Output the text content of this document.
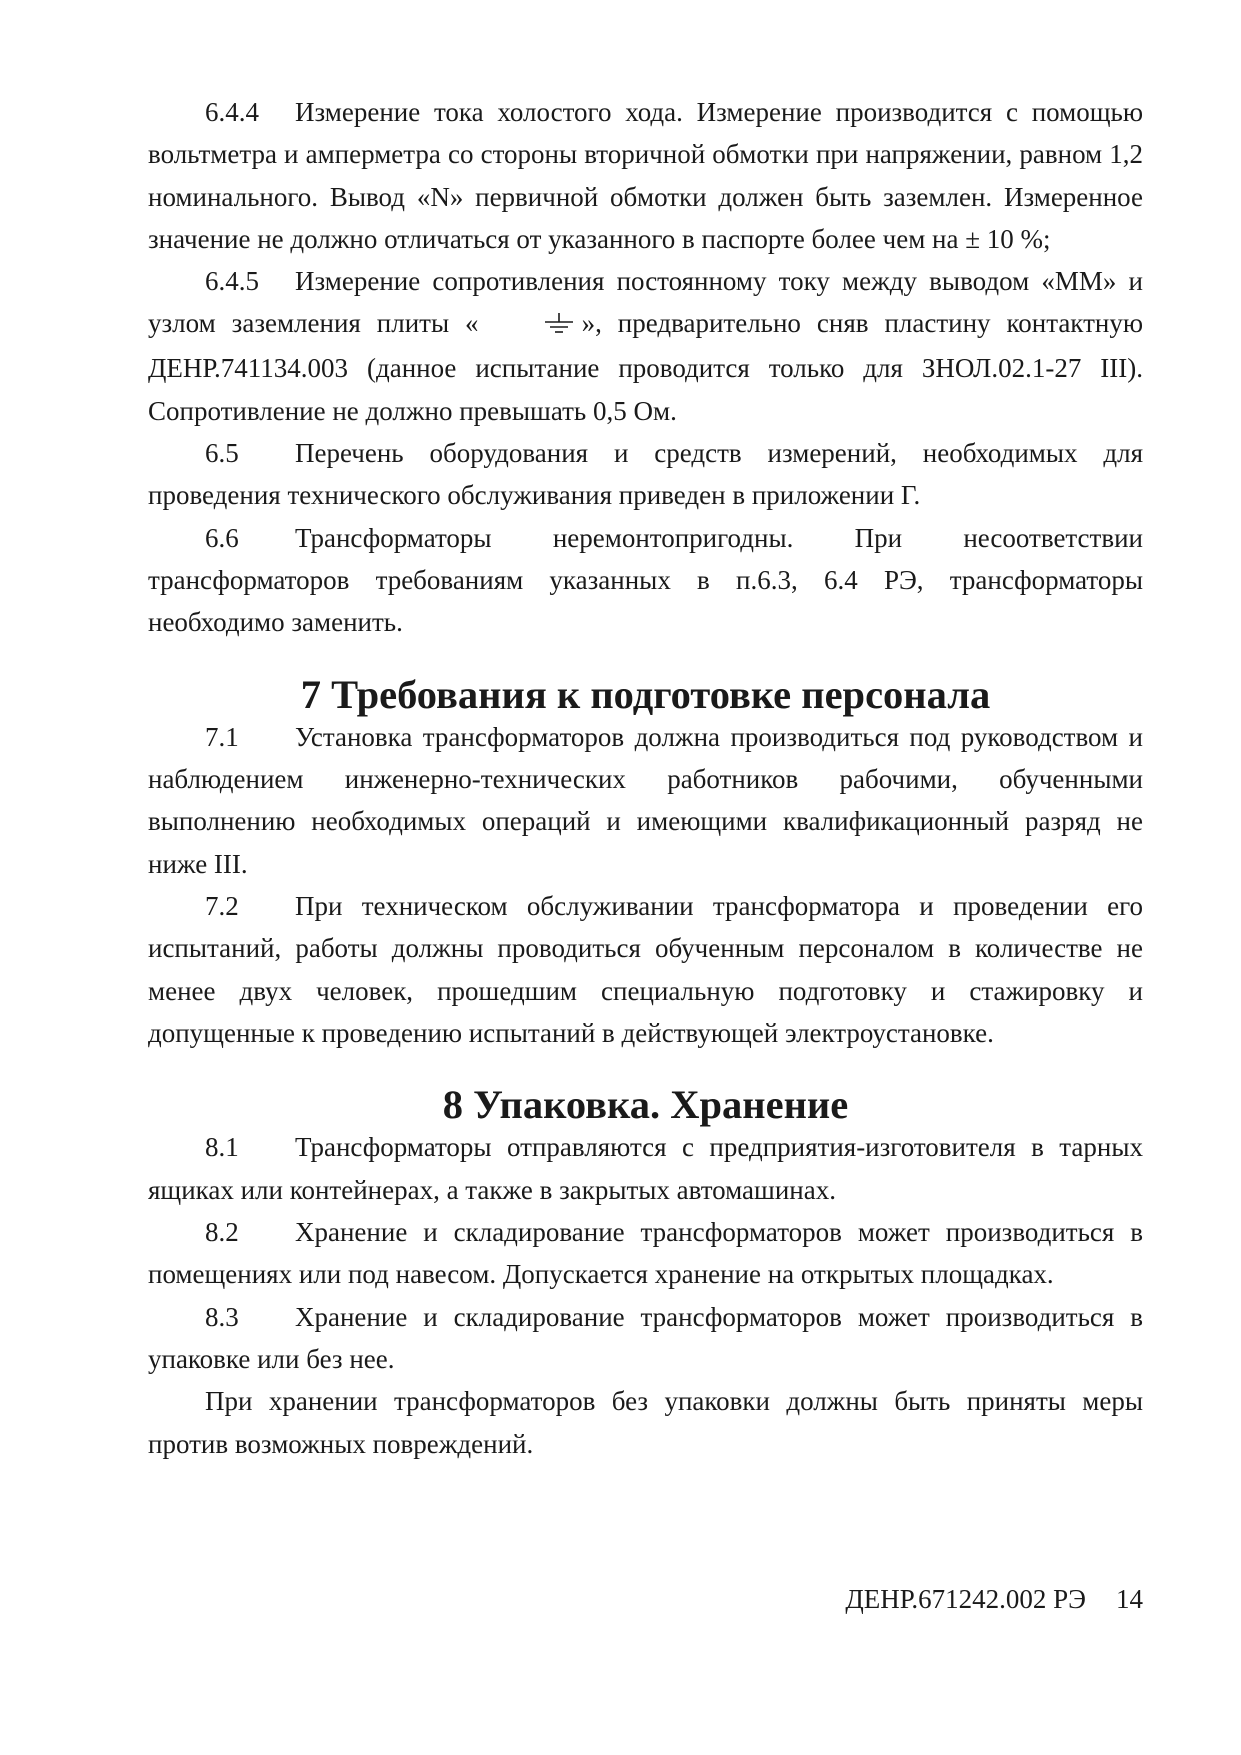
6.4.4 Измерение тока холостого хода. Измерение производится с помощью вольтметра и амперметра со стороны вторичной обмотки при напряжении, равном 1,2 номинального. Вывод «N» первичной обмотки должен быть заземлен. Измеренное значение не должно отличаться от указанного в паспорте более чем на ± 10 %;

6.4.5 Измерение сопротивления постоянному току между выводом «ММ» и узлом заземления плиты «	», предварительно сняв пластину контактную ДЕНР.741134.003 (данное испытание проводится только для ЗНОЛ.02.1-27 III). Сопротивление не должно превышать 0,5 Ом.

6.5 Перечень оборудования и средств измерений, необходимых для проведения технического обслуживания приведен в приложении Г.

6.6 Трансформаторы неремонтопригодны. При несоответствии трансформаторов требованиям указанных в п.6.3, 6.4 РЭ, трансформаторы необходимо заменить.

7 Требования к подготовке персонала

7.1 Установка трансформаторов должна производиться под руководством и наблюдением инженерно-технических работников рабочими, обученными выполнению необходимых операций и имеющими квалификационный разряд не ниже III.

7.2 При техническом обслуживании трансформатора и проведении его испытаний, работы должны проводиться обученным персоналом в количестве не менее двух человек, прошедшим специальную подготовку и стажировку и допущенные к проведению испытаний в действующей электроустановке.

8 Упаковка. Хранение

8.1 Трансформаторы отправляются с предприятия-изготовителя в тарных ящиках или контейнерах, а также в закрытых автомашинах.

8.2 Хранение и складирование трансформаторов может производиться в помещениях или под навесом. Допускается хранение на открытых площадках.

8.3 Хранение и складирование трансформаторов может производиться в упаковке или без нее.

При хранении трансформаторов без упаковки должны быть приняты меры против возможных повреждений.

ДЕНР.671242.002 РЭ 14
